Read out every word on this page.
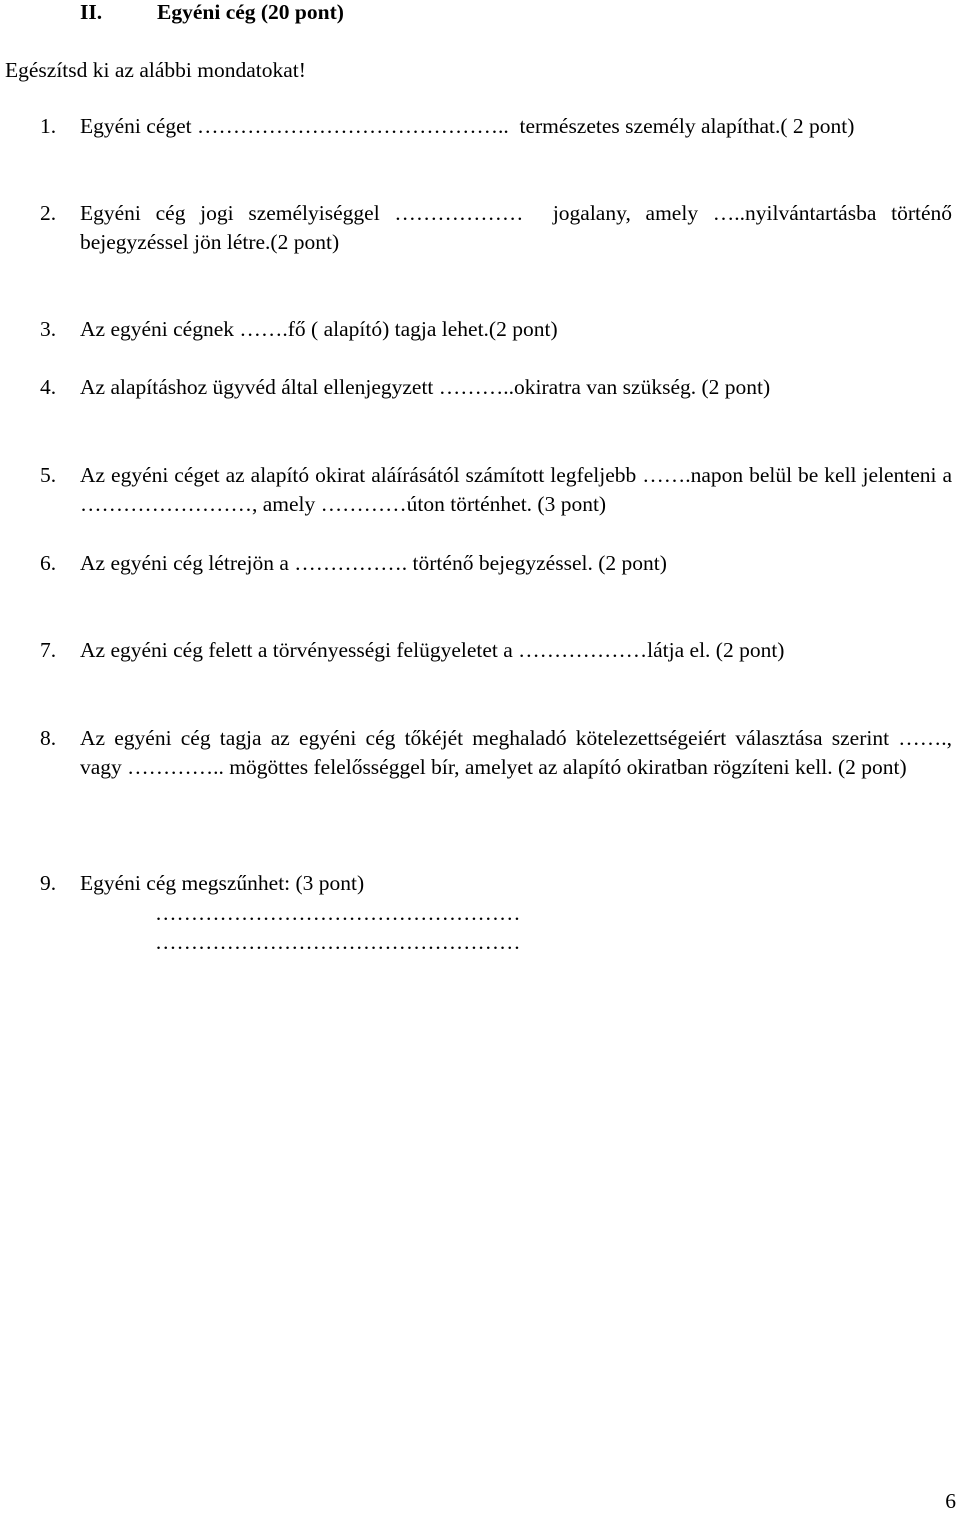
II.	Egyéni cég (20 pont)
Egészítsd ki az alábbi mondatokat!
1. Egyéni céget ……………………………………..  természetes személy alapíthat.( 2 pont)
2. Egyéni cég jogi személyiséggel ………………  jogalany, amely …..nyilvántartásba történő bejegyzéssel jön létre.(2 pont)
3. Az egyéni cégnek …….fő ( alapító) tagja lehet.(2 pont)
4. Az alapításhoz ügyvéd által ellenjegyzett ………..okiratra van szükség. (2 pont)
5. Az egyéni céget az alapító okirat aláírásától számított legfeljebb …….napon belül be kell jelenteni a ……………………, amely …………úton történhet. (3 pont)
6. Az egyéni cég létrejön a ……………. történő bejegyzéssel. (2 pont)
7. Az egyéni cég felett a törvényességi felügyeletet a ………………látja el. (2 pont)
8. Az egyéni cég tagja az egyéni cég tőkéjét meghaladó kötelezettségeiért választása szerint ……., vagy ………….. mögöttes felelősséggel bír, amelyet az alapító okiratban rögzíteni kell. (2 pont)
9. Egyéni cég megszűnhet: (3 pont)
……………………………………………
……………………………………………
6
